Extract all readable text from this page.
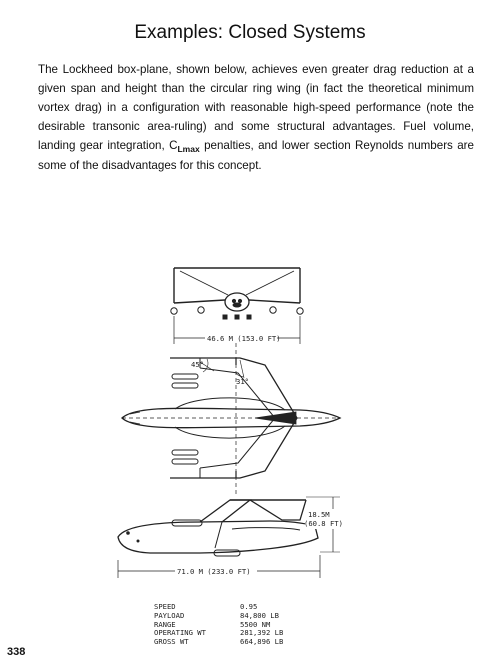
Examples: Closed Systems
The Lockheed box-plane, shown below, achieves even greater drag reduction at a given span and height than the circular ring wing (in fact the theoretical minimum vortex drag) in a configuration with reasonable high-speed performance (note the desirable transonic area-ruling) and some structural advantages. Fuel volume, landing gear integration, $C_{Lmax}$ penalties, and lower section Reynolds numbers are some of the disadvantages for this concept.
46.6 M (153.0 FT)
45°
31°
18.5M
(60.8 FT)
71.0 M (233.0 FT)
SPEED	0.95
PAYLOAD	84,800 LB
RANGE	5500 NM
OPERATING WT	281,392 LB
GROSS WT	664,896 LB
338
